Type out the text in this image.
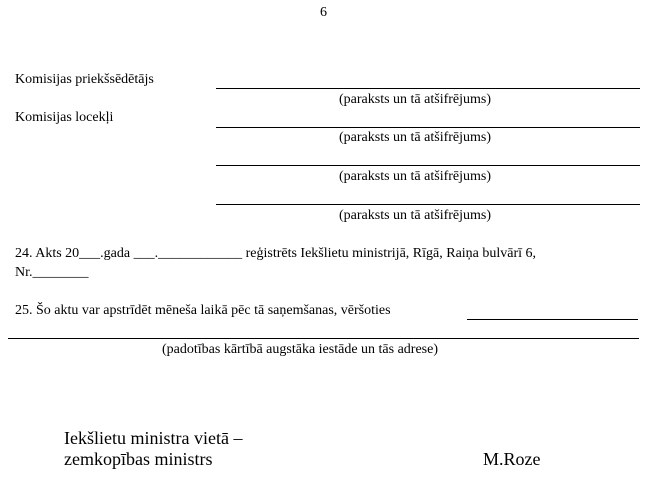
6
Komisijas priekšsēdētājs
(paraksts un tā atšifrējums)
Komisijas locekļi
(paraksts un tā atšifrējums)
(paraksts un tā atšifrējums)
(paraksts un tā atšifrējums)
24. Akts 20___.gada ___.____________ reģistrēts Iekšlietu ministrijā, Rīgā, Raiņa bulvārī 6,
Nr.________
25. Šo aktu var apstrīdēt mēneša laikā pēc tā saņemšanas, vēršoties
(padotības kārtībā augstāka iestāde un tās adrese)
Iekšlietu ministra vietā –
zemkopības ministrs	M.Roze
